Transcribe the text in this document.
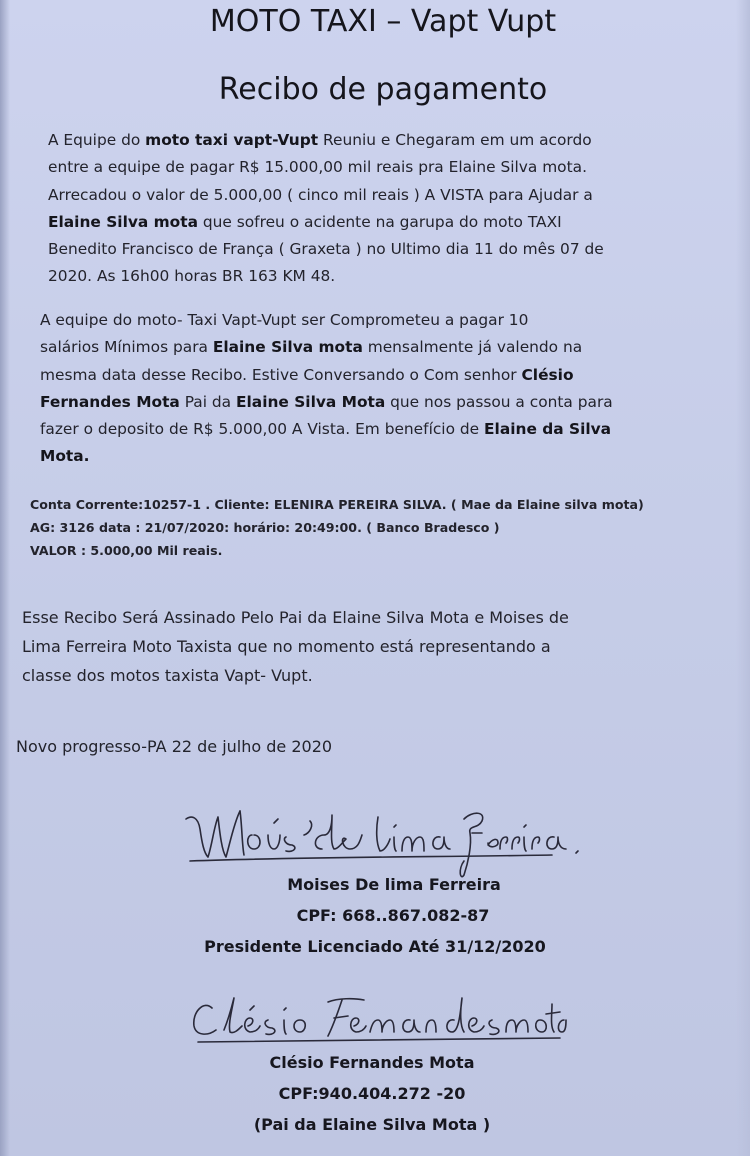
MOTO TAXI – Vapt Vupt
Recibo de pagamento

A Equipe do moto taxi vapt-Vupt Reuniu e Chegaram em um acordo
entre a equipe de pagar R$ 15.000,00 mil reais pra Elaine Silva mota.
Arrecadou o valor de 5.000,00 ( cinco mil reais ) A VISTA para Ajudar a
Elaine Silva mota que sofreu o acidente na garupa do moto TAXI
Benedito Francisco de França ( Graxeta ) no Ultimo dia 11 do mês 07 de
2020. As 16h00 horas BR 163 KM 48.

A equipe do moto- Taxi Vapt-Vupt ser Comprometeu a pagar 10
salários Mínimos para Elaine Silva mota mensalmente já valendo na
mesma data desse Recibo. Estive Conversando o Com senhor Clésio
Fernandes Mota Pai da Elaine Silva Mota que nos passou a conta para
fazer o deposito de R$ 5.000,00 A Vista. Em benefício de Elaine da Silva
Mota.

Conta Corrente:10257-1 . Cliente: ELENIRA PEREIRA SILVA. ( Mae da Elaine silva mota)
AG: 3126 data : 21/07/2020: horário: 20:49:00. ( Banco Bradesco )
VALOR : 5.000,00 Mil reais.

Esse Recibo Será Assinado Pelo Pai da Elaine Silva Mota e Moises de
Lima Ferreira Moto Taxista que no momento está representando a
classe dos motos taxista Vapt- Vupt.

Novo progresso-PA 22 de julho de 2020
Moises De lima Ferreira
CPF: 668..867.082-87
Presidente Licenciado Até 31/12/2020
Clésio Fernandes Mota
CPF:940.404.272 -20
(Pai da Elaine Silva Mota )
